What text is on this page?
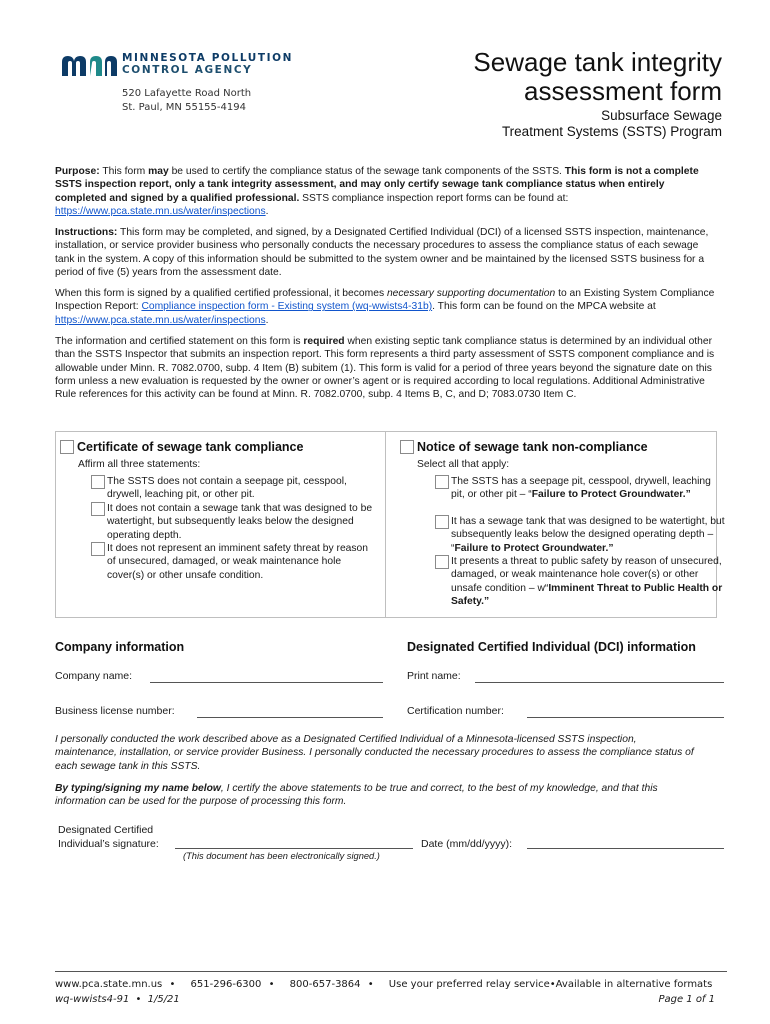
MINNESOTA POLLUTION
CONTROL AGENCY
520 Lafayette Road North
St. Paul, MN 55155-4194
Sewage tank integrity
assessment form
Subsurface Sewage
Treatment Systems (SSTS) Program
Purpose: This form may be used to certify the compliance status of the sewage tank components of the SSTS. This form is not a complete SSTS inspection report, only a tank integrity assessment, and may only certify sewage tank compliance status when entirely completed and signed by a qualified professional. SSTS compliance inspection report forms can be found at: https://www.pca.state.mn.us/water/inspections.
Instructions: This form may be completed, and signed, by a Designated Certified Individual (DCI) of a licensed SSTS inspection, maintenance, installation, or service provider business who personally conducts the necessary procedures to assess the compliance status of each sewage tank in the system. A copy of this information should be submitted to the system owner and be maintained by the licensed SSTS business for a period of five (5) years from the assessment date.
When this form is signed by a qualified certified professional, it becomes necessary supporting documentation to an Existing System Compliance Inspection Report: Compliance inspection form - Existing system (wq-wwists4-31b). This form can be found on the MPCA website at https://www.pca.state.mn.us/water/inspections.
The information and certified statement on this form is required when existing septic tank compliance status is determined by an individual other than the SSTS Inspector that submits an inspection report. This form represents a third party assessment of SSTS component compliance and is allowable under Minn. R. 7082.0700, subp. 4 Item (B) subitem (1). This form is valid for a period of three years beyond the signature date on this form unless a new evaluation is requested by the owner or owner’s agent or is required according to local regulations. Additional Administrative Rule references for this activity can be found at Minn. R. 7082.0700, subp. 4 Items B, C, and D; 7083.0730 Item C.
Certificate of sewage tank compliance
Affirm all three statements:
The SSTS does not contain a seepage pit, cesspool, drywell, leaching pit, or other pit.
It does not contain a sewage tank that was designed to be watertight, but subsequently leaks below the designed operating depth.
It does not represent an imminent safety threat by reason of unsecured, damaged, or weak maintenance hole cover(s) or other unsafe condition.
Notice of sewage tank non-compliance
Select all that apply:
The SSTS has a seepage pit, cesspool, drywell, leaching pit, or other pit – “Failure to Protect Groundwater.”
It has a sewage tank that was designed to be watertight, but subsequently leaks below the designed operating depth – “Failure to Protect Groundwater.”
It presents a threat to public safety by reason of unsecured, damaged, or weak maintenance hole cover(s) or other unsafe condition – w“Imminent Threat to Public Health or Safety.”
Company information	Designated Certified Individual (DCI) information
Company name:	Print name:
Business license number:	Certification number:
I personally conducted the work described above as a Designated Certified Individual of a Minnesota-licensed SSTS inspection, maintenance, installation, or service provider Business. I personally conducted the necessary procedures to assess the compliance status of each sewage tank in this SSTS.
By typing/signing my name below, I certify the above statements to be true and correct, to the best of my knowledge, and that this information can be used for the purpose of processing this form.
Designated Certified
Individual’s signature:
(This document has been electronically signed.)
Date (mm/dd/yyyy):
www.pca.state.mn.us • 651-296-6300 • 800-657-3864 • Use your preferred relay service•Available in alternative formats
wq-wwists4-91 • 1/5/21	Page 1 of 1
